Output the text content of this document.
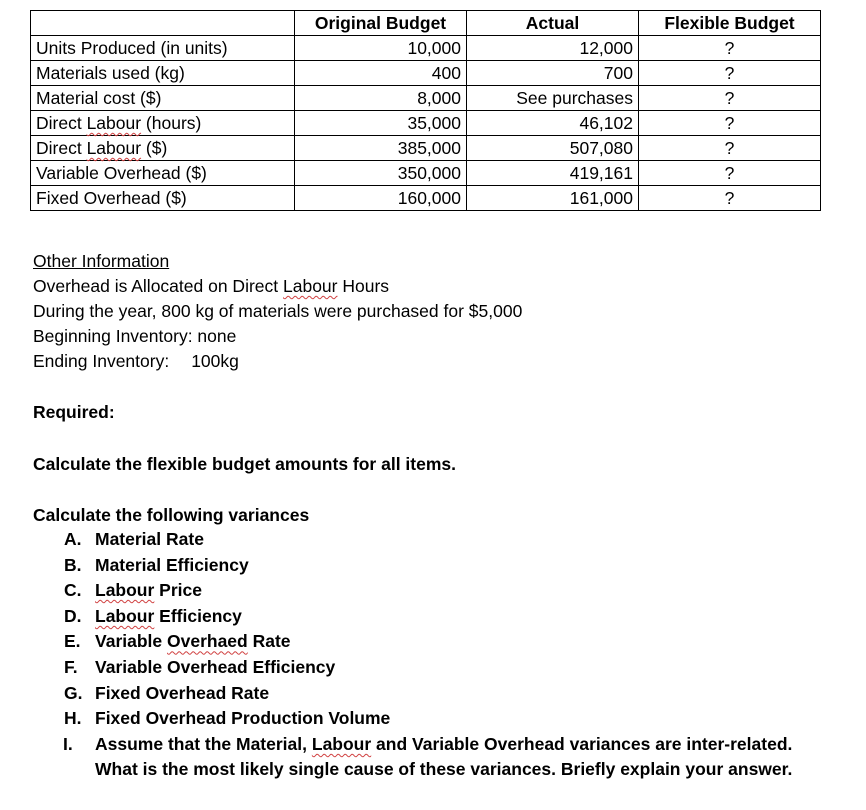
	Original Budget	Actual	Flexible Budget
Units Produced (in units)	10,000	12,000	?
Materials used (kg)	400	700	?
Material cost ($)	8,000	See purchases	?
Direct Labour (hours)	35,000	46,102	?
Direct Labour ($)	385,000	507,080	?
Variable Overhead ($)	350,000	419,161	?
Fixed Overhead ($)	160,000	161,000	?
Other Information
Overhead is Allocated on Direct Labour Hours
During the year, 800 kg of materials were purchased for $5,000
Beginning Inventory: none
Ending Inventory: 100kg
Required:
Calculate the flexible budget amounts for all items.
Calculate the following variances
A. Material Rate
B. Material Efficiency
C. Labour Price
D. Labour Efficiency
E. Variable Overhaed Rate
F. Variable Overhead Efficiency
G. Fixed Overhead Rate
H. Fixed Overhead Production Volume
I. Assume that the Material, Labour and Variable Overhead variances are inter-related.
What is the most likely single cause of these variances. Briefly explain your answer.
